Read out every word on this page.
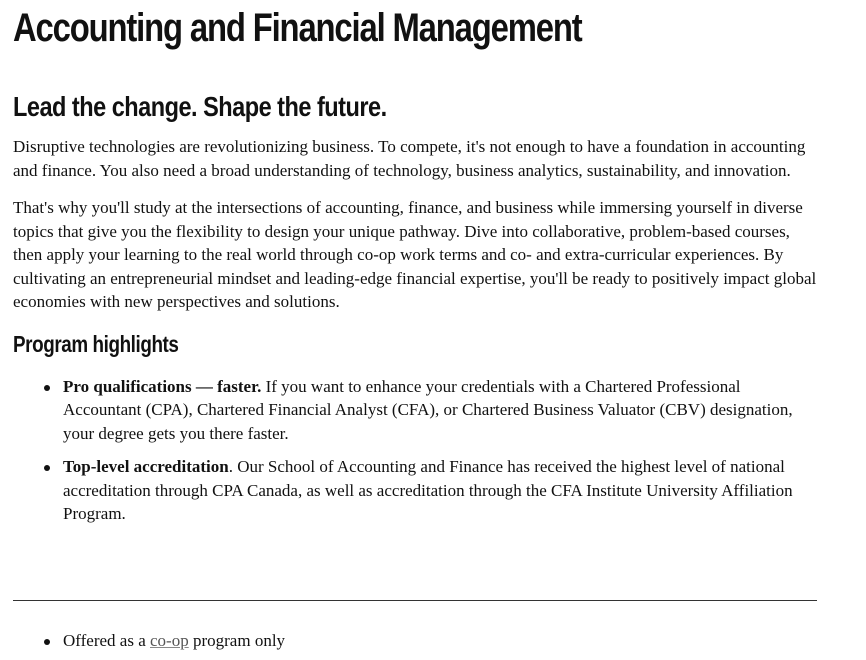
Accounting and Financial Management
Lead the change. Shape the future.

Disruptive technologies are revolutionizing business. To compete, it's not enough to have a foundation in accounting and finance. You also need a broad understanding of technology, business analytics, sustainability, and innovation.

That's why you'll study at the intersections of accounting, finance, and business while immersing yourself in diverse topics that give you the flexibility to design your unique pathway. Dive into collaborative, problem-based courses, then apply your learning to the real world through co-op work terms and co- and extra-curricular experiences. By cultivating an entrepreneurial mindset and leading-edge financial expertise, you'll be ready to positively impact global economies with new perspectives and solutions.

Program highlights
Pro qualifications — faster. If you want to enhance your credentials with a Chartered Professional Accountant (CPA), Chartered Financial Analyst (CFA), or Chartered Business Valuator (CBV) designation, your degree gets you there faster.
Top-level accreditation. Our School of Accounting and Finance has received the highest level of national accreditation through CPA Canada, as well as accreditation through the CFA Institute University Affiliation Program.
Offered as a co-op program only
